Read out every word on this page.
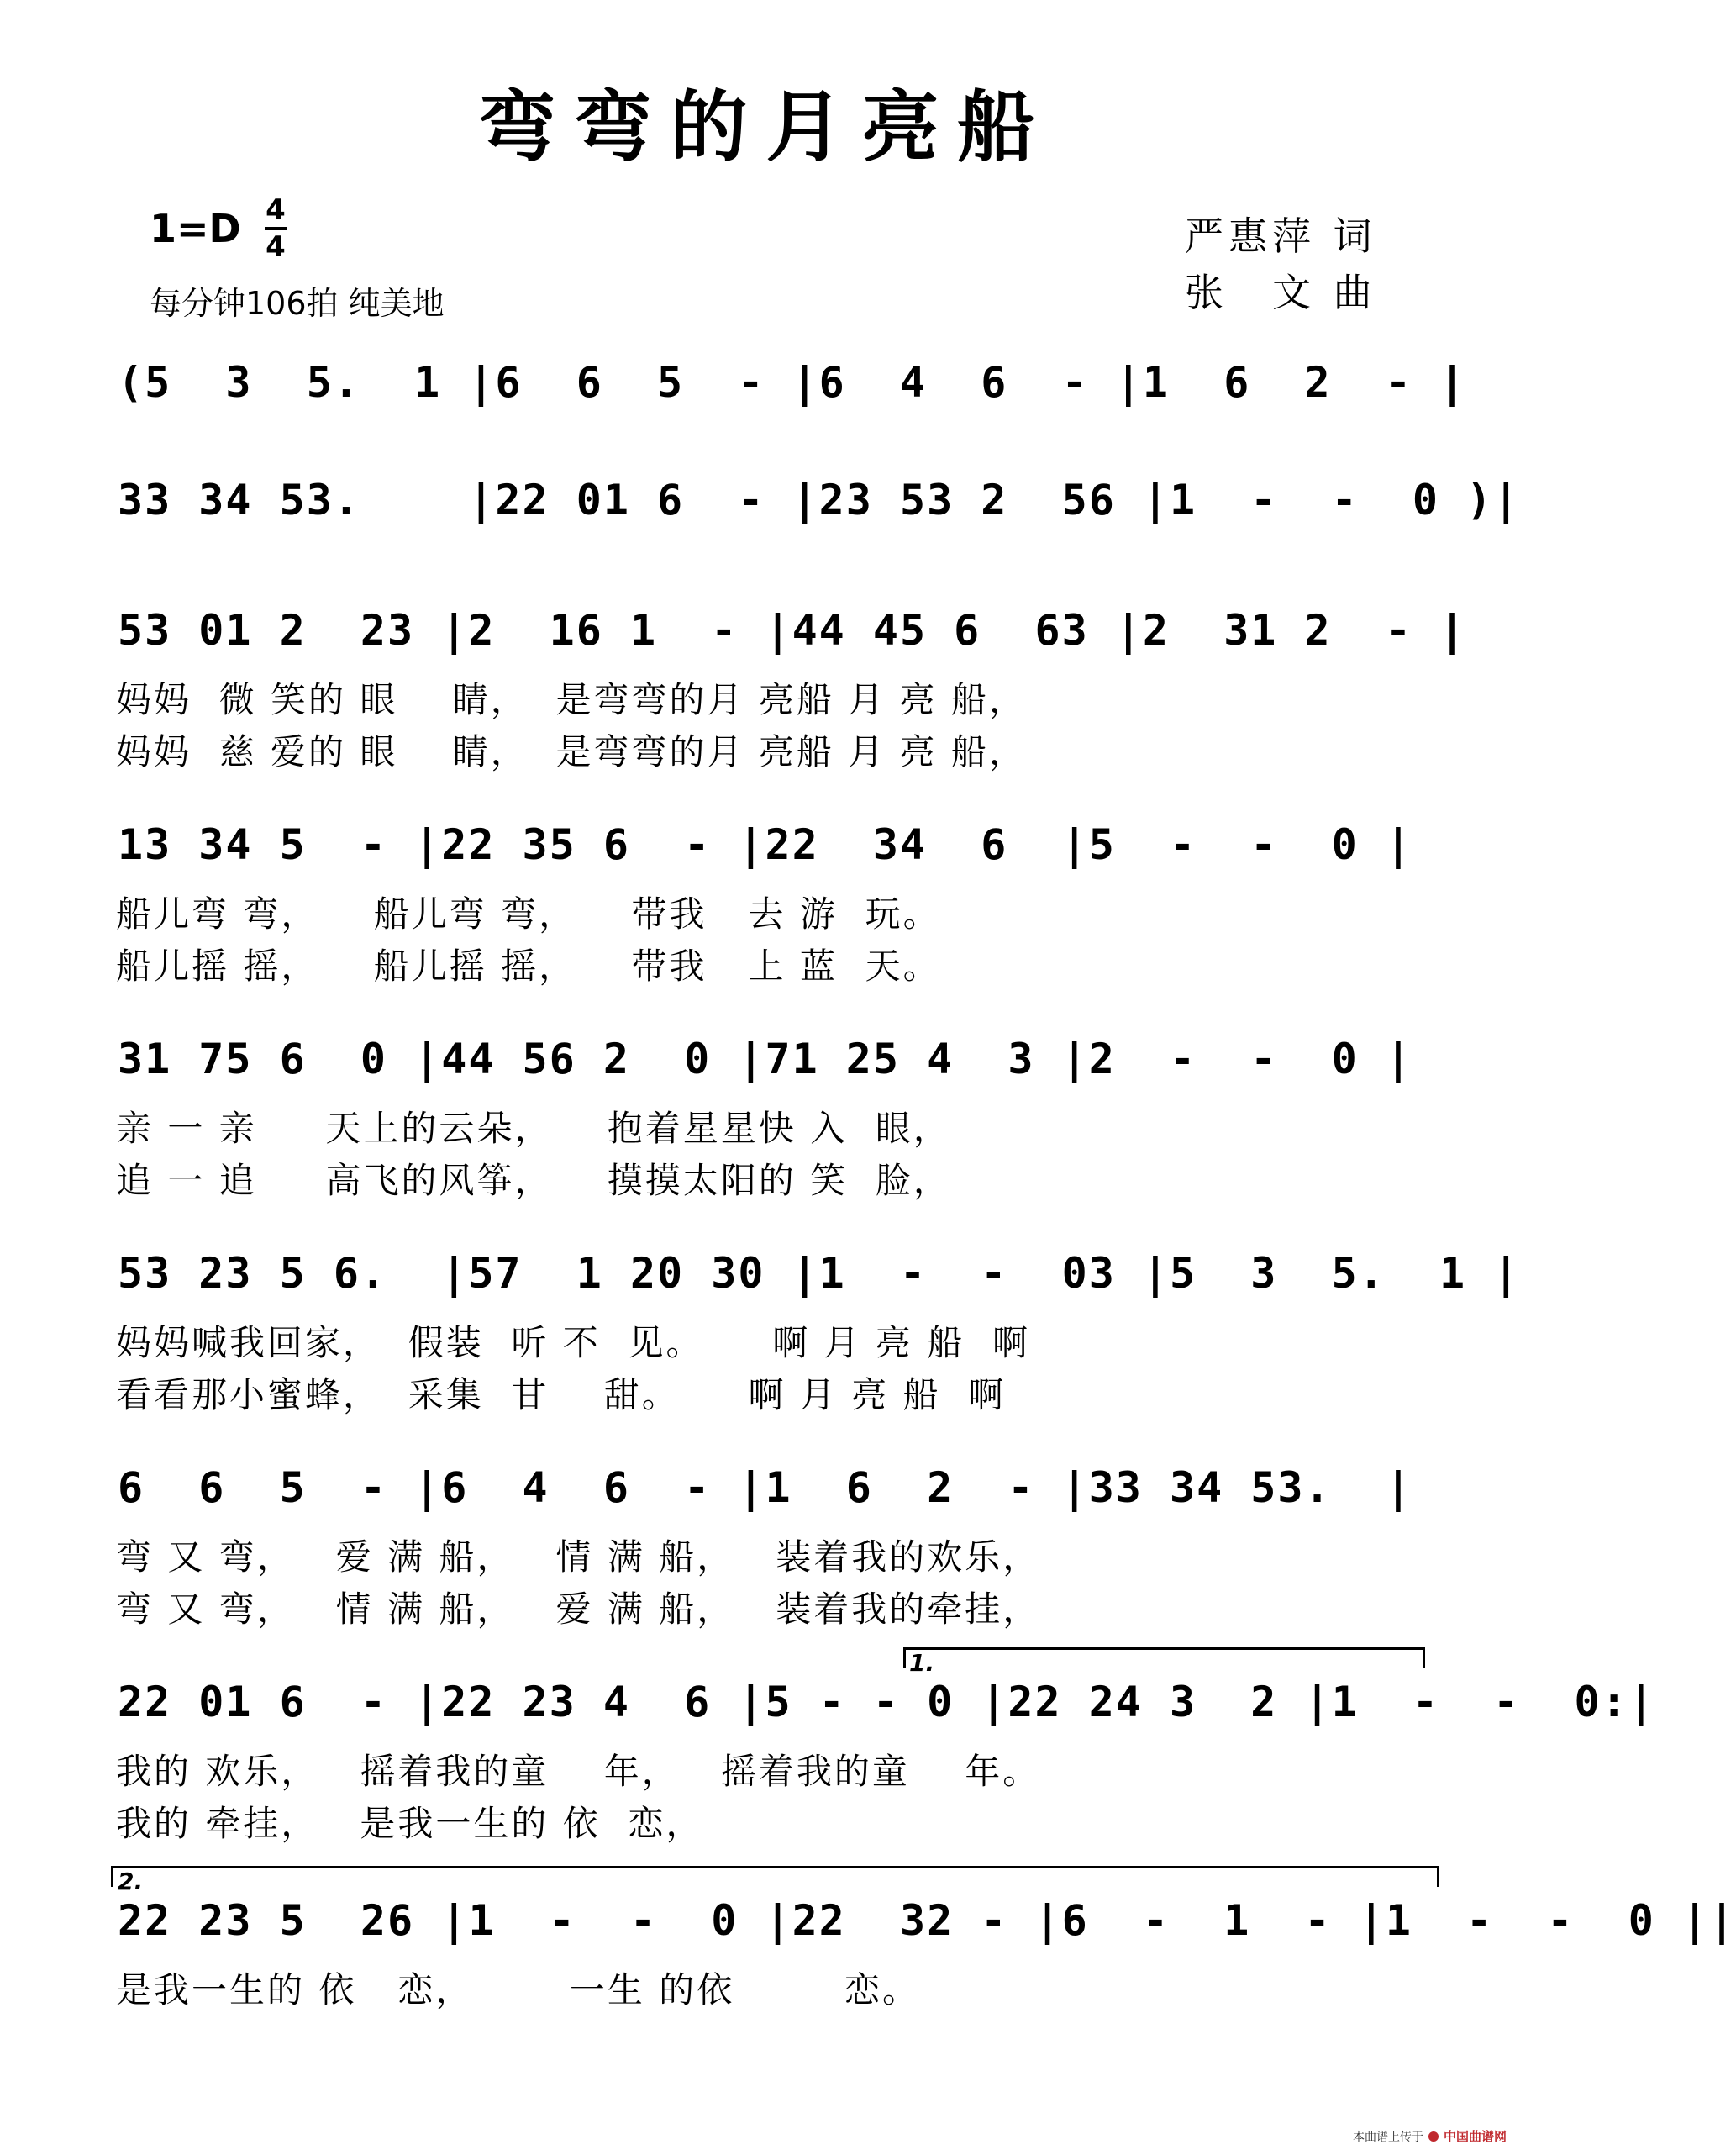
弯弯的月亮船
1=D 4
4
每分钟106拍 纯美地
严惠萍 词
张　文 曲
(5  3  5.  1 |6  6  5  - |6  4  6  - |1  6  2  - |
33 34 53.    |22 01 6  - |23 53 2  56 |1  -  -  0 )|
53 01 2  23 |2  16 1  - |44 45 6  63 |2  31 2  - |
妈妈  微 笑的 眼    睛，  是弯弯的月 亮船 月 亮 船，
妈妈  慈 爱的 眼    睛，  是弯弯的月 亮船 月 亮 船，
13 34 5  - |22 35 6  - |22  34  6  |5  -  -  0 |
船儿弯 弯，    船儿弯 弯，    带我   去 游  玩。
船儿摇 摇，    船儿摇 摇，    带我   上 蓝  天。
31 75 6  0 |44 56 2  0 |71 25 4  3 |2  -  -  0 |
亲 一 亲     天上的云朵，    抱着星星快 入  眼，
追 一 追     高飞的风筝，    摸摸太阳的 笑  脸，
53 23 5 6.  |57  1 20 30 |1  -  -  03 |5  3  5.  1 |
妈妈喊我回家，  假装  听 不  见。     啊 月 亮 船  啊
看看那小蜜蜂，  采集  甘    甜。     啊 月 亮 船  啊
6  6  5  - |6  4  6  - |1  6  2  - |33 34 53.  |
弯 又 弯，   爱 满 船，   情 满 船，   装着我的欢乐，
弯 又 弯，   情 满 船，   爱 满 船，   装着我的牵挂，
22 01 6  - |22 23 4  6 |5 - - 0 |22 24 3  2 |1  -  -  0:|
我的 欢乐，   摇着我的童    年，   摇着我的童    年。
我的 牵挂，   是我一生的 依  恋，
22 23 5  26 |1  -  -  0 |22  32 - |6  -  1  - |1  -  -  0 ||
是我一生的 依   恋，       一生 的依        恋。
1.
2.
本曲谱上传于 中国曲谱网
